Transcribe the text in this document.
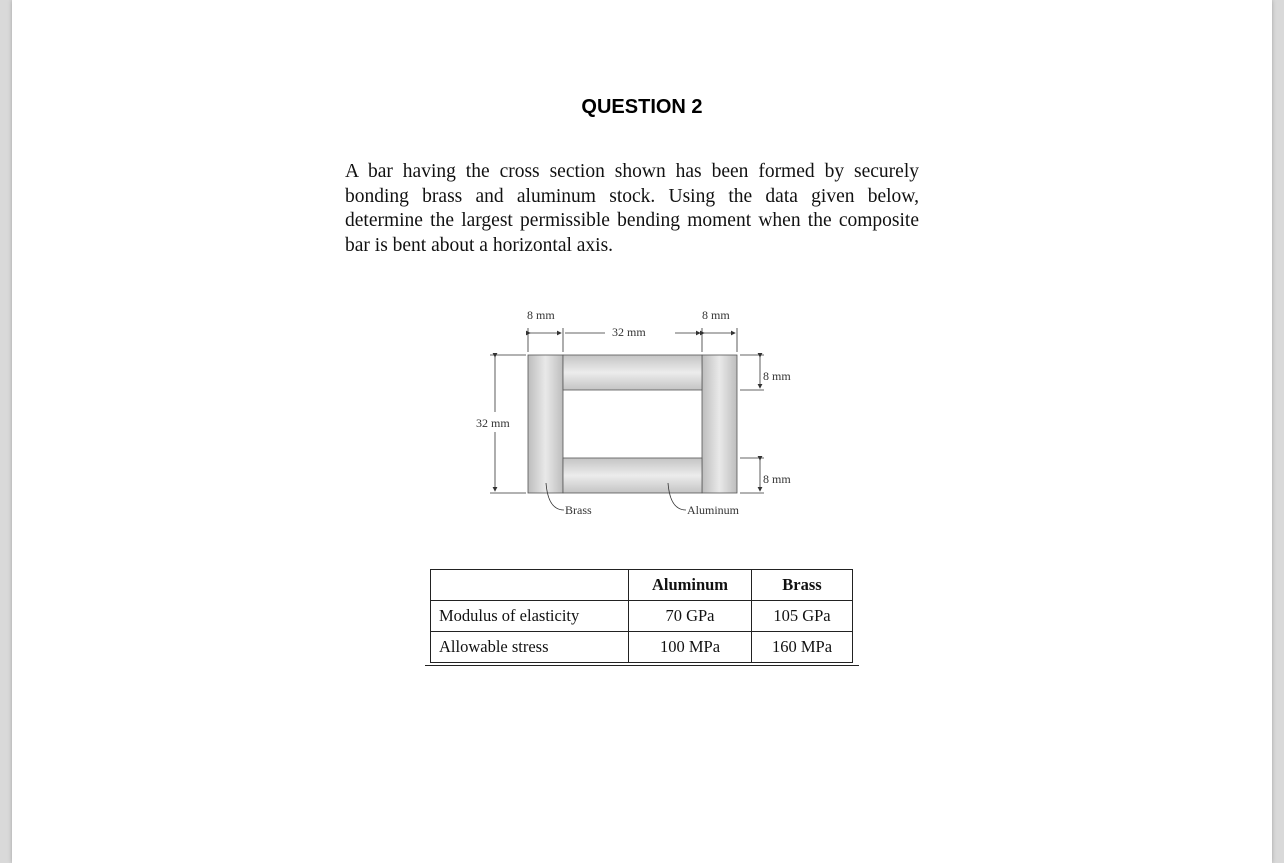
QUESTION 2
A bar having the cross section shown has been formed by securely bonding brass and aluminum stock. Using the data given below, determine the largest permissible bending moment when the composite bar is bent about a horizontal axis.
8 mm	8 mm
32 mm
32 mm
8 mm
8 mm
Brass	Aluminum
	Aluminum	Brass
Modulus of elasticity	70 GPa	105 GPa
Allowable stress	100 MPa	160 MPa
